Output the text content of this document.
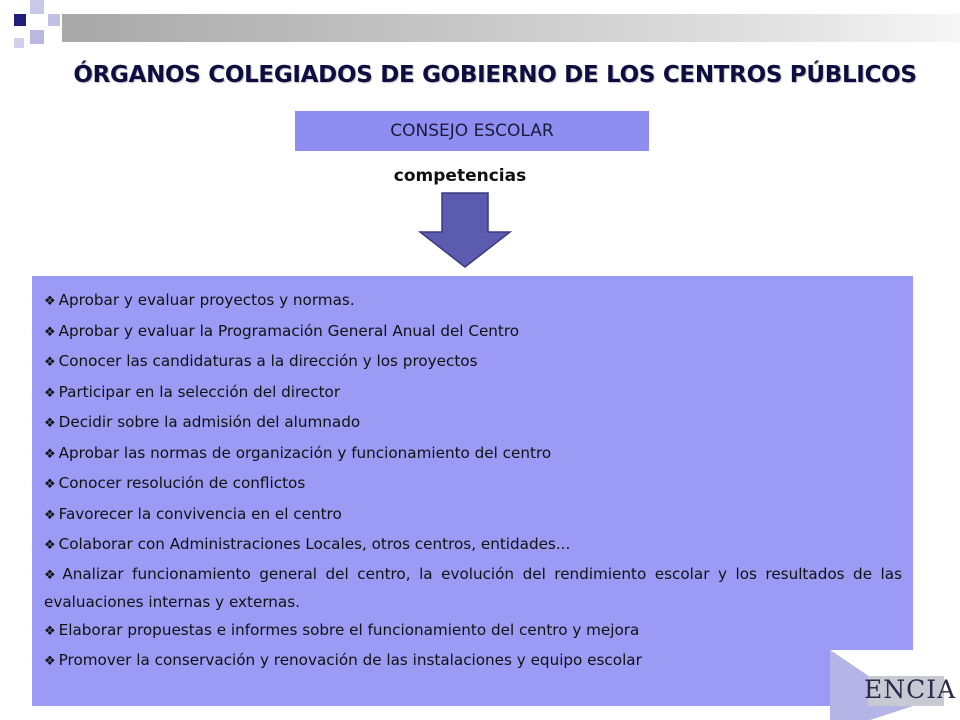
ÓRGANOS COLEGIADOS DE GOBIERNO DE LOS CENTROS PÚBLICOS
CONSEJO ESCOLAR
competencias
ENCIA
❖ Aprobar y evaluar proyectos y normas.
❖ Aprobar y evaluar la Programación General Anual del Centro
❖ Conocer las candidaturas a la dirección y los proyectos
❖ Participar en la selección del director
❖ Decidir sobre la admisión del alumnado
❖ Aprobar las normas de organización y funcionamiento del centro
❖ Conocer resolución de conflictos
❖ Favorecer la convivencia en el centro
❖ Colaborar con Administraciones Locales, otros centros, entidades...
❖ Analizar funcionamiento general del centro, la evolución del rendimiento escolar y los resultados de las evaluaciones internas y externas.
❖ Elaborar propuestas e informes sobre el funcionamiento del centro y mejora
❖ Promover la conservación y renovación de las instalaciones y equipo escolar
